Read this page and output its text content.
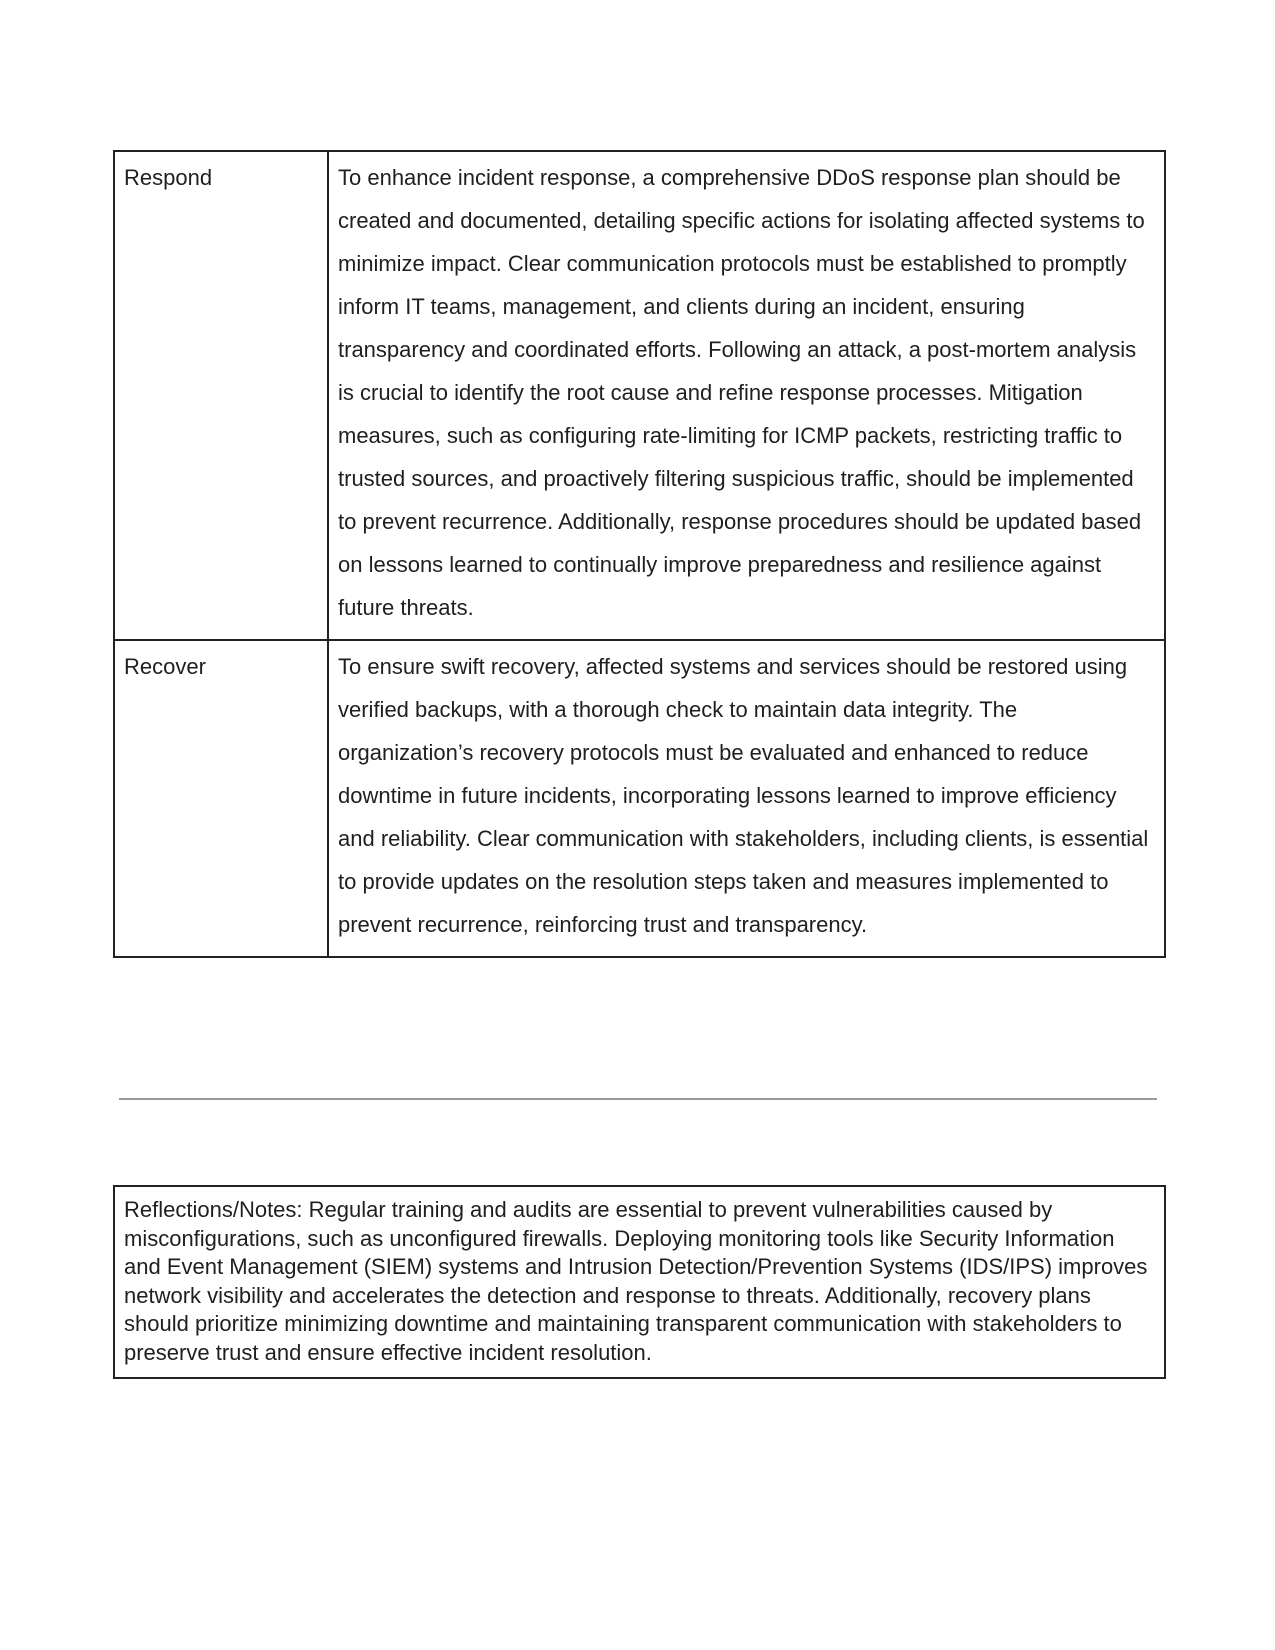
Respond	To enhance incident response, a comprehensive DDoS response plan should be created and documented, detailing specific actions for isolating affected systems to minimize impact. Clear communication protocols must be established to promptly inform IT teams, management, and clients during an incident, ensuring transparency and coordinated efforts. Following an attack, a post-mortem analysis is crucial to identify the root cause and refine response processes. Mitigation measures, such as configuring rate-limiting for ICMP packets, restricting traffic to trusted sources, and proactively filtering suspicious traffic, should be implemented to prevent recurrence. Additionally, response procedures should be updated based on lessons learned to continually improve preparedness and resilience against future threats.
Recover	To ensure swift recovery, affected systems and services should be restored using verified backups, with a thorough check to maintain data integrity. The organization’s recovery protocols must be evaluated and enhanced to reduce downtime in future incidents, incorporating lessons learned to improve efficiency and reliability. Clear communication with stakeholders, including clients, is essential to provide updates on the resolution steps taken and measures implemented to prevent recurrence, reinforcing trust and transparency.
Reflections/Notes: Regular training and audits are essential to prevent vulnerabilities caused by misconfigurations, such as unconfigured firewalls. Deploying monitoring tools like Security Information and Event Management (SIEM) systems and Intrusion Detection/Prevention Systems (IDS/IPS) improves network visibility and accelerates the detection and response to threats. Additionally, recovery plans should prioritize minimizing downtime and maintaining transparent communication with stakeholders to preserve trust and ensure effective incident resolution.
